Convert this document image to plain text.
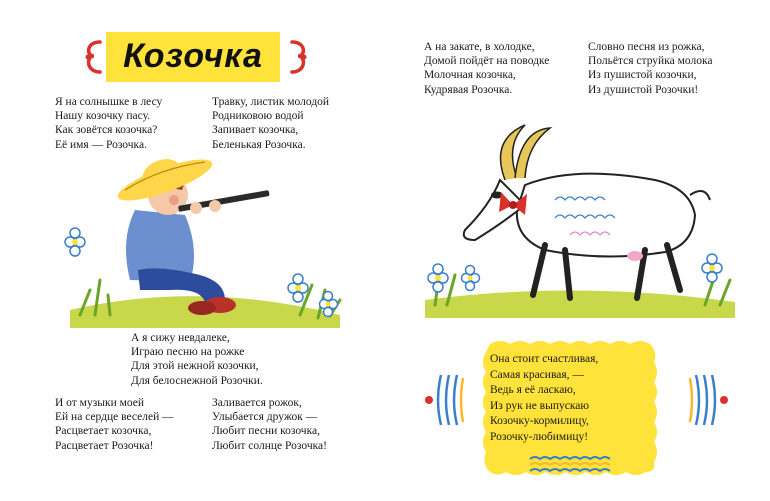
Козочка
Я на солнышке в лесу
Нашу козочку пасу.
Как зовётся козочка?
Её имя — Розочка.
Травку, листик молодой
Родниковою водой
Запивает козочка,
Беленькая Розочка.
А я сижу невдалеке,
Играю песню на рожке
Для этой нежной козочки,
Для белоснежной Розочки.
И от музыки моей
Ей на сердце веселей —
Расцветает козочка,
Расцветает Розочка!
Заливается рожок,
Улыбается дружок —
Любит песни козочка,
Любит солнце Розочка!
А на закате, в холодке,
Домой пойдёт на поводке
Молочная козочка,
Кудрявая Розочка.
Словно песня из рожка,
Польётся струйка молока
Из пушистой козочки,
Из душистой Розочки!
Она стоит счастливая,
Самая красивая, —
Ведь я её ласкаю,
Из рук не выпускаю
Козочку-кормилицу,
Розочку-любимицу!
